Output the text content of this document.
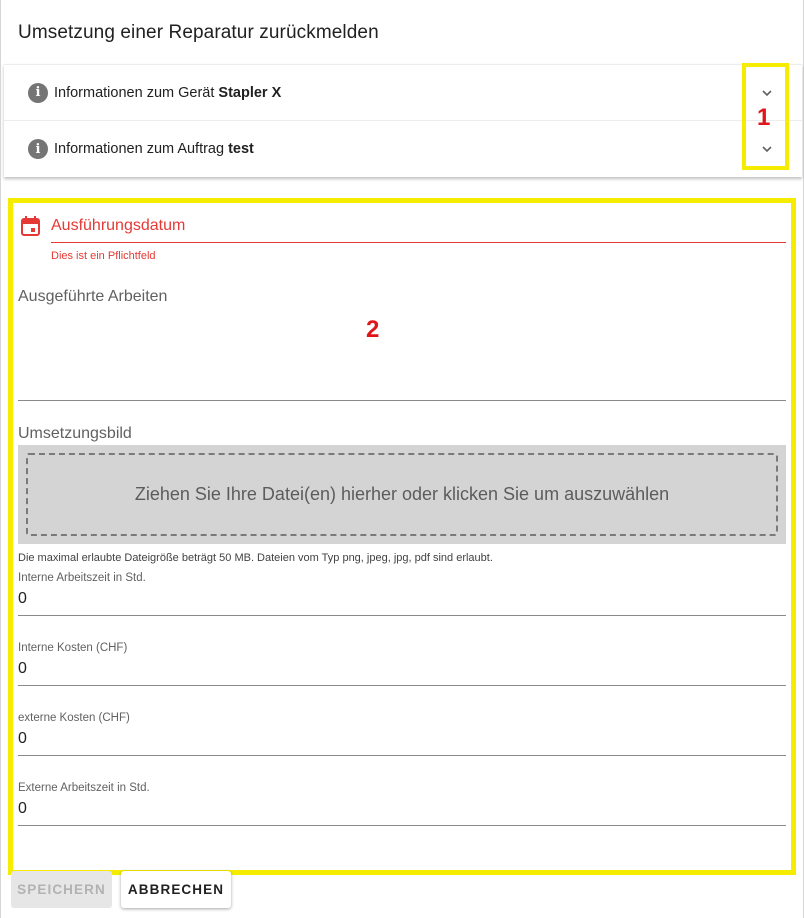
Umsetzung einer Reparatur zurückmelden
i Informationen zum Gerät Stapler X
i Informationen zum Auftrag test
1
Ausführungsdatum
Dies ist ein Pflichtfeld
Ausgeführte Arbeiten
Umsetzungsbild
Ziehen Sie Ihre Datei(en) hierher oder klicken Sie um auszuwählen
Die maximal erlaubte Dateigröße beträgt 50 MB. Dateien vom Typ png, jpeg, jpg, pdf sind erlaubt.
Interne Arbeitszeit in Std.
0
Interne Kosten (CHF)
0
externe Kosten (CHF)
0
Externe Arbeitszeit in Std.
0
2
SPEICHERN	ABBRECHEN
